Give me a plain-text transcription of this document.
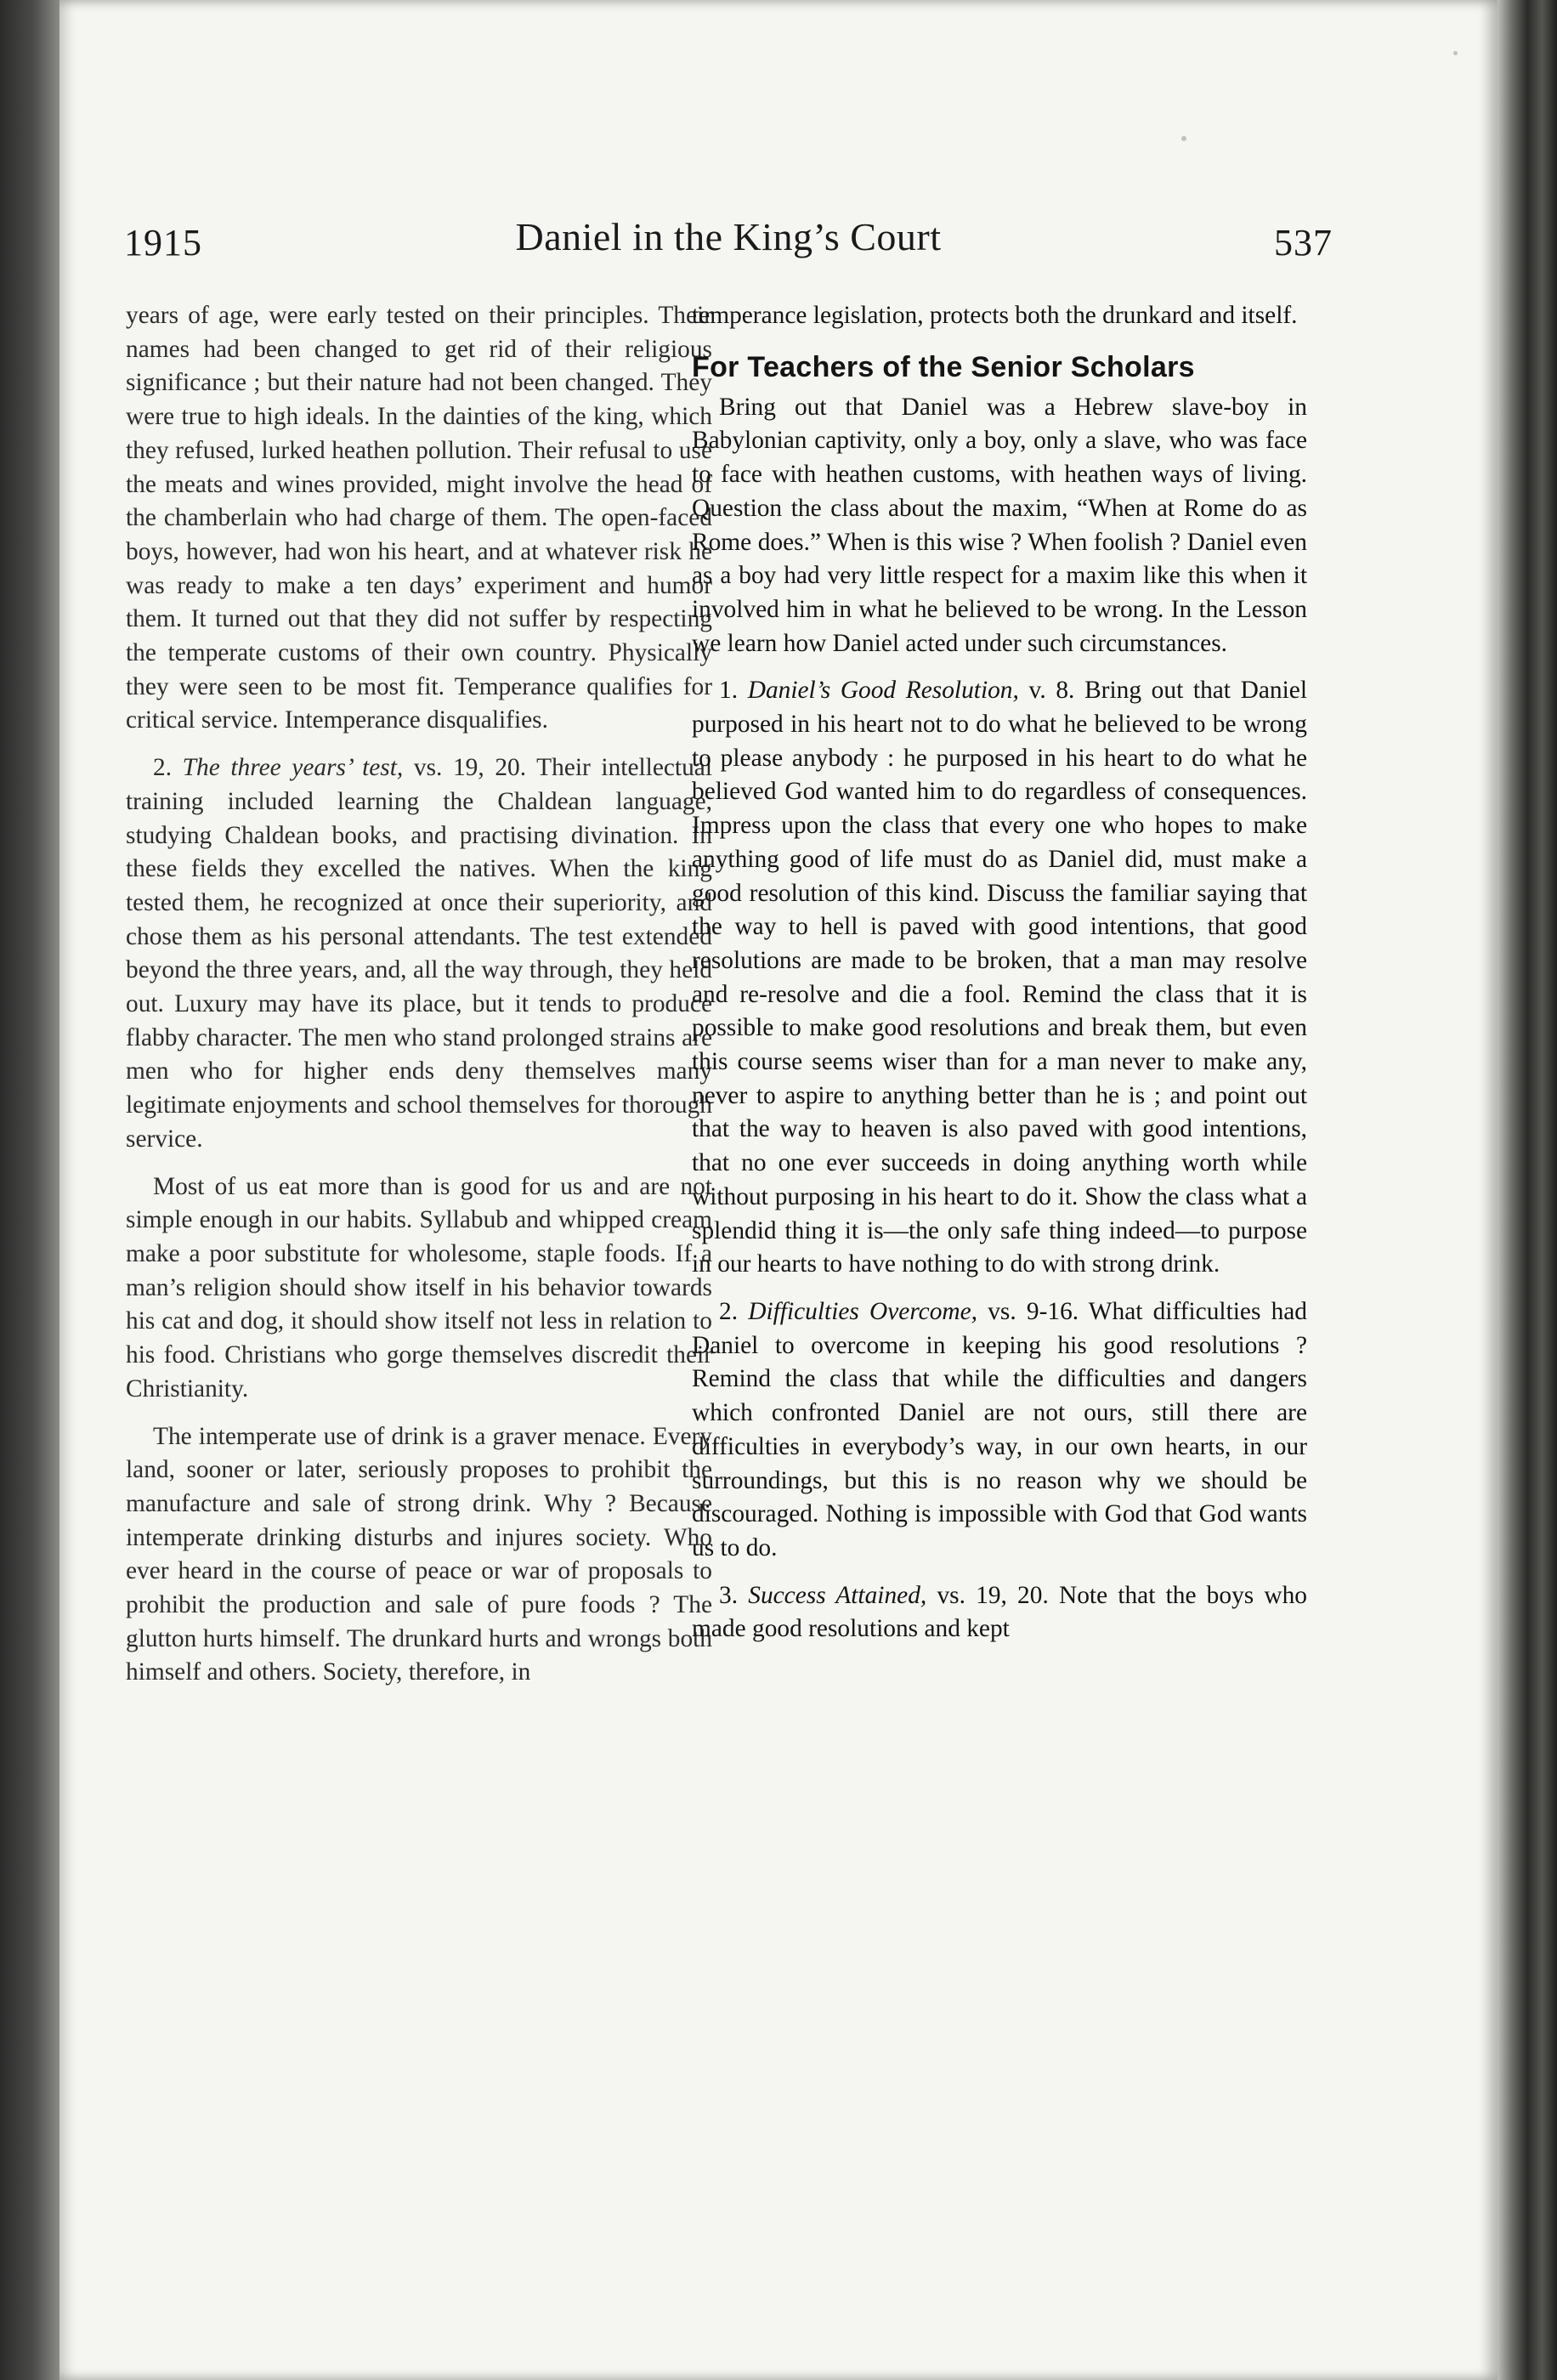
1915	Daniel in the King’s Court	537

years of age, were early tested on their principles. Their names had been changed to get rid of their religious significance ; but their nature had not been changed. They were true to high ideals. In the dainties of the king, which they refused, lurked heathen pollution. Their refusal to use the meats and wines provided, might involve the head of the chamberlain who had charge of them. The open-faced boys, however, had won his heart, and at whatever risk he was ready to make a ten days’ experiment and humor them. It turned out that they did not suffer by respecting the temperate customs of their own country. Physically they were seen to be most fit. Temperance qualifies for critical service. Intemperance disqualifies.

2. The three years’ test, vs. 19, 20. Their intellectual training included learning the Chaldean language, studying Chaldean books, and practising divination. In these fields they excelled the natives. When the king tested them, he recognized at once their superiority, and chose them as his personal attendants. The test extended beyond the three years, and, all the way through, they held out. Luxury may have its place, but it tends to produce flabby character. The men who stand prolonged strains are men who for higher ends deny themselves many legitimate enjoyments and school themselves for thorough service.

Most of us eat more than is good for us and are not simple enough in our habits. Syllabub and whipped cream make a poor substitute for wholesome, staple foods. If a man’s religion should show itself in his behavior towards his cat and dog, it should show itself not less in relation to his food. Christians who gorge themselves discredit their Christianity.

The intemperate use of drink is a graver menace. Every land, sooner or later, seriously proposes to prohibit the manufacture and sale of strong drink. Why ? Because intemperate drinking disturbs and injures society. Who ever heard in the course of peace or war of proposals to prohibit the production and sale of pure foods ? The glutton hurts himself. The drunkard hurts and wrongs both himself and others. Society, therefore, in

temperance legislation, protects both the drunkard and itself.

For Teachers of the Senior Scholars

Bring out that Daniel was a Hebrew slave-boy in Babylonian captivity, only a boy, only a slave, who was face to face with heathen customs, with heathen ways of living. Question the class about the maxim, “When at Rome do as Rome does.” When is this wise ? When foolish ? Daniel even as a boy had very little respect for a maxim like this when it involved him in what he believed to be wrong. In the Lesson we learn how Daniel acted under such circumstances.

1. Daniel’s Good Resolution, v. 8. Bring out that Daniel purposed in his heart not to do what he believed to be wrong to please anybody : he purposed in his heart to do what he believed God wanted him to do regardless of consequences. Impress upon the class that every one who hopes to make anything good of life must do as Daniel did, must make a good resolution of this kind. Discuss the familiar saying that the way to hell is paved with good intentions, that good resolutions are made to be broken, that a man may resolve and re-resolve and die a fool. Remind the class that it is possible to make good resolutions and break them, but even this course seems wiser than for a man never to make any, never to aspire to anything better than he is ; and point out that the way to heaven is also paved with good intentions, that no one ever succeeds in doing anything worth while without purposing in his heart to do it. Show the class what a splendid thing it is—the only safe thing indeed—to purpose in our hearts to have nothing to do with strong drink.

2. Difficulties Overcome, vs. 9-16. What difficulties had Daniel to overcome in keeping his good resolutions ? Remind the class that while the difficulties and dangers which confronted Daniel are not ours, still there are difficulties in everybody’s way, in our own hearts, in our surroundings, but this is no reason why we should be discouraged. Nothing is impossible with God that God wants us to do.

3. Success Attained, vs. 19, 20. Note that the boys who made good resolutions and kept
